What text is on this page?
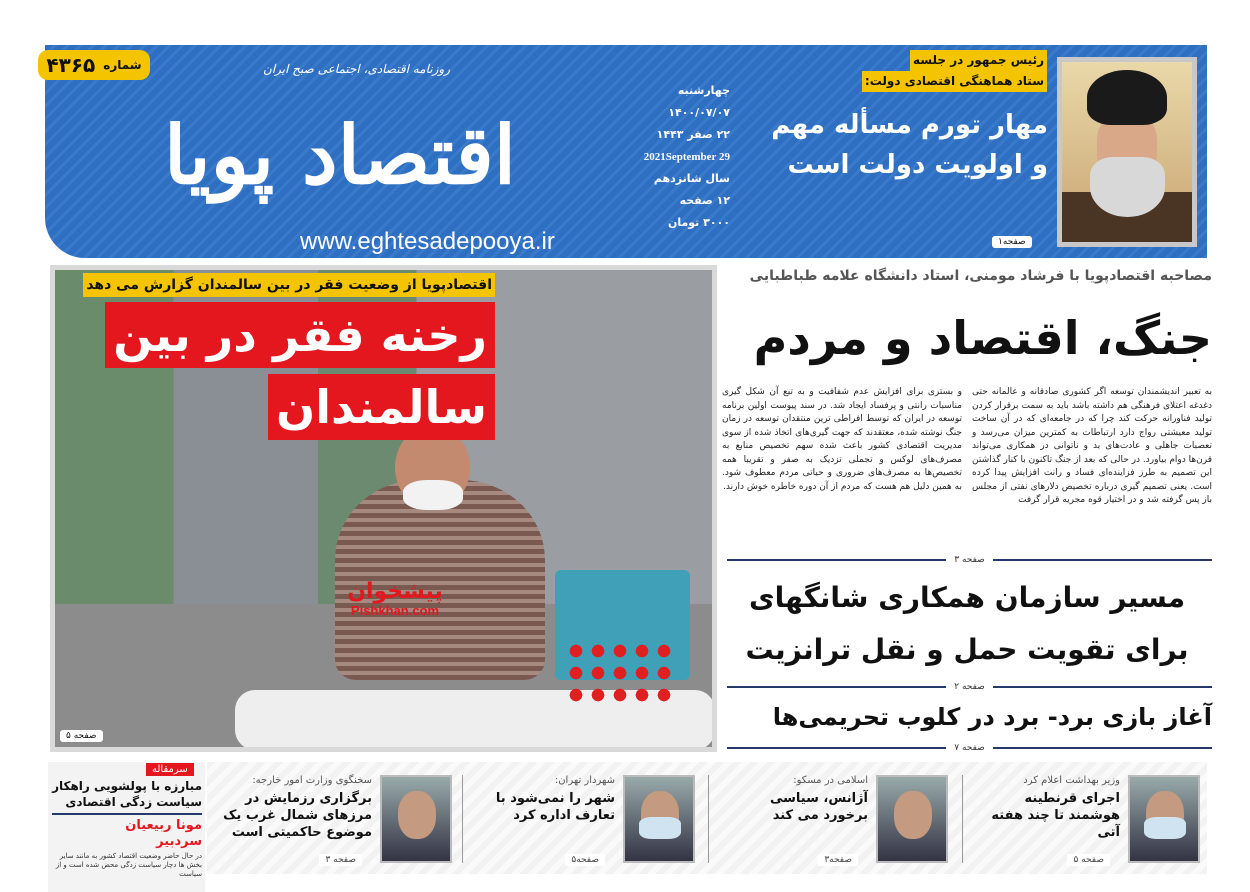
شماره
۴۳۶۵	روزنامه اقتصادی، اجتماعی صبح ایران
اقتصاد پویا
www.eghtesadepooya.ir
چهارشنبه
۱۴۰۰/۰۷/۰۷
۲۲ صفر ۱۴۴۳
2021September 29
سال شانزدهم
۱۲ صفحه
۳۰۰۰ تومان
رئیس جمهور در جلسه
ستاد هماهنگی اقتصادی دولت:
مهار تورم مسأله مهم
و اولویت دولت است
صفحه۱
اقتصادپویا از وضعیت فقر در بین سالمندان گزارش می دهد
رخنه فقر در بین
سالمندان
پیشخوان
Pishkhan.com
صفحه ۵
مصاحبه اقتصادپویا با فرشاد مومنی، استاد دانشگاه علامه طباطبایی
جنگ، اقتصاد و مردم
به تعبیر اندیشمندان توسعه اگر کشوری صادقانه و عالمانه حتی دغدغه اعتلای فرهنگی هم داشته باشد باید به سمت برقرار کردن تولید فناورانه حرکت کند چرا که در جامعه‌ای که در آن ساخت تولید معیشتی رواج دارد ارتباطات به کمترین میزان می‌رسد و تعصبات جاهلی و عادت‌های بد و ناتوانی در همکاری می‌تواند قرن‌ها دوام بیاورد. در حالی که بعد از جنگ تاکنون با کنار گذاشتن این تصمیم به طرز فزاینده‌ای فساد و رانت افزایش پیدا کرده است. یعنی تصمیم گیری درباره تخصیص دلارهای نفتی از مجلس باز پس گرفته شد و در اختیار قوه مجریه قرار گرفت
و بستری برای افزایش عدم شفافیت و به تبع آن شکل گیری مناسبات رانتی و پرفساد ایجاد شد. در سند پیوست اولین برنامه توسعه در ایران که توسط افراطی ترین منتقدان توسعه در زمان جنگ نوشته شده، معتقدند که جهت گیری‌های اتخاذ شده از سوی مدیریت اقتصادی کشور باعث شده سهم تخصیص منابع به مصرف‌های لوکس و تجملی نزدیک به صفر و تقریبا همه تخصیص‌ها به مصرف‌های ضروری و حیاتی مردم معطوف شود. به همین دلیل هم هست که مردم از آن دوره خاطره خوش دارند.
صفحه ۳
مسیر سازمان همکاری شانگهای
برای تقویت حمل و نقل ترانزیت
صفحه ۲
آغاز بازی برد- برد در کلوب تحریمی‌ها
صفحه ۷
سرمقاله
مبارزه با پولشویی راهکار سیاست زدگی اقتصادی
مونا ربیعیان
سردبیر
در حال حاضر وضعیت اقتصاد کشور به مانند سایر بخش ها دچار سیاست زدگی محض شده است و از سیاست
وزیر بهداشت اعلام کرد
اجرای قرنطینه هوشمند تا چند هفته آتی
صفحه ۵
اسلامی در مسکو:
آژانس، سیاسی برخورد می کند
صفحه۳
شهردار تهران:
شهر را نمی‌شود با تعارف اداره کرد
صفحه۵
سخنگوی وزارت امور خارجه:
برگزاری رزمایش در مرزهای شمال غرب یک موضوع حاکمیتی است
صفحه ۳
